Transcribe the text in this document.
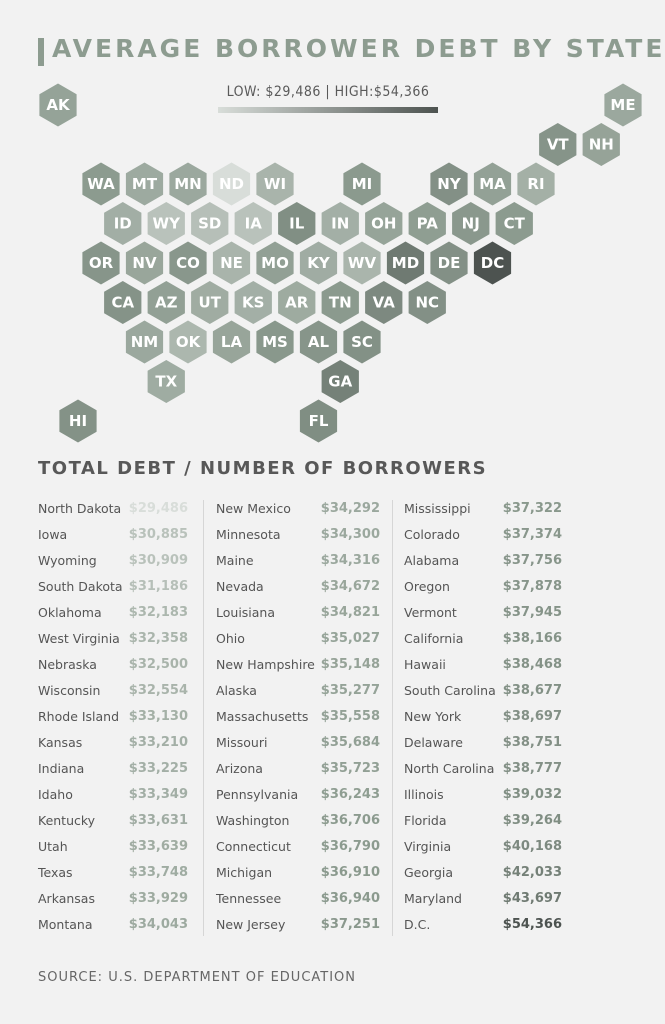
AVERAGE BORROWER DEBT BY STATE
LOW: $29,486 | HIGH:$54,366
AK	ME
VT NH
WA MT MN ND WI	MI	NY MA RI
ID WY SD IA IL IN OH PA NJ CT
OR NV CO NE MO KY WV MD DE DC
CA AZ UT KS AR TN VA NC
NM OK LA MS AL SC
TX	GA
HI	FL
TOTAL DEBT / NUMBER OF BORROWERS
North Dakota $29,486
Iowa	$30,885
Wyoming $30,909
South Dakota $31,186
Oklahoma $32,183
West Virginia $32,358
Nebraska $32,500
Wisconsin $32,554
Rhode Island $33,130
Kansas	$33,210
Indiana	$33,225
Idaho	$33,349
Kentucky	$33,631
Utah	$33,639
Texas	$33,748
Arkansas	$33,929
Montana	$34,043
New Mexico $34,292
Minnesota	$34,300
Maine	$34,316
Nevada	$34,672
Louisiana	$34,821
Ohio	$35,027
New Hampshire $35,148
Alaska	$35,277
Massachusetts $35,558
Missouri	$35,684
Arizona	$35,723
Pennsylvania $36,243
Washington $36,706
Connecticut $36,790
Michigan	$36,910
Tennessee	$36,940
New Jersey	$37,251
Mississippi $37,322
Colorado	$37,374
Alabama	$37,756
Oregon	$37,878
Vermont	$37,945
California	$38,166
Hawaii	$38,468
South Carolina $38,677
New York	$38,697
Delaware	$38,751
North Carolina $38,777
Illinois	$39,032
Florida	$39,264
Virginia	$40,168
Georgia	$42,033
Maryland	$43,697
D.C.	$54,366
SOURCE: U.S. DEPARTMENT OF EDUCATION
